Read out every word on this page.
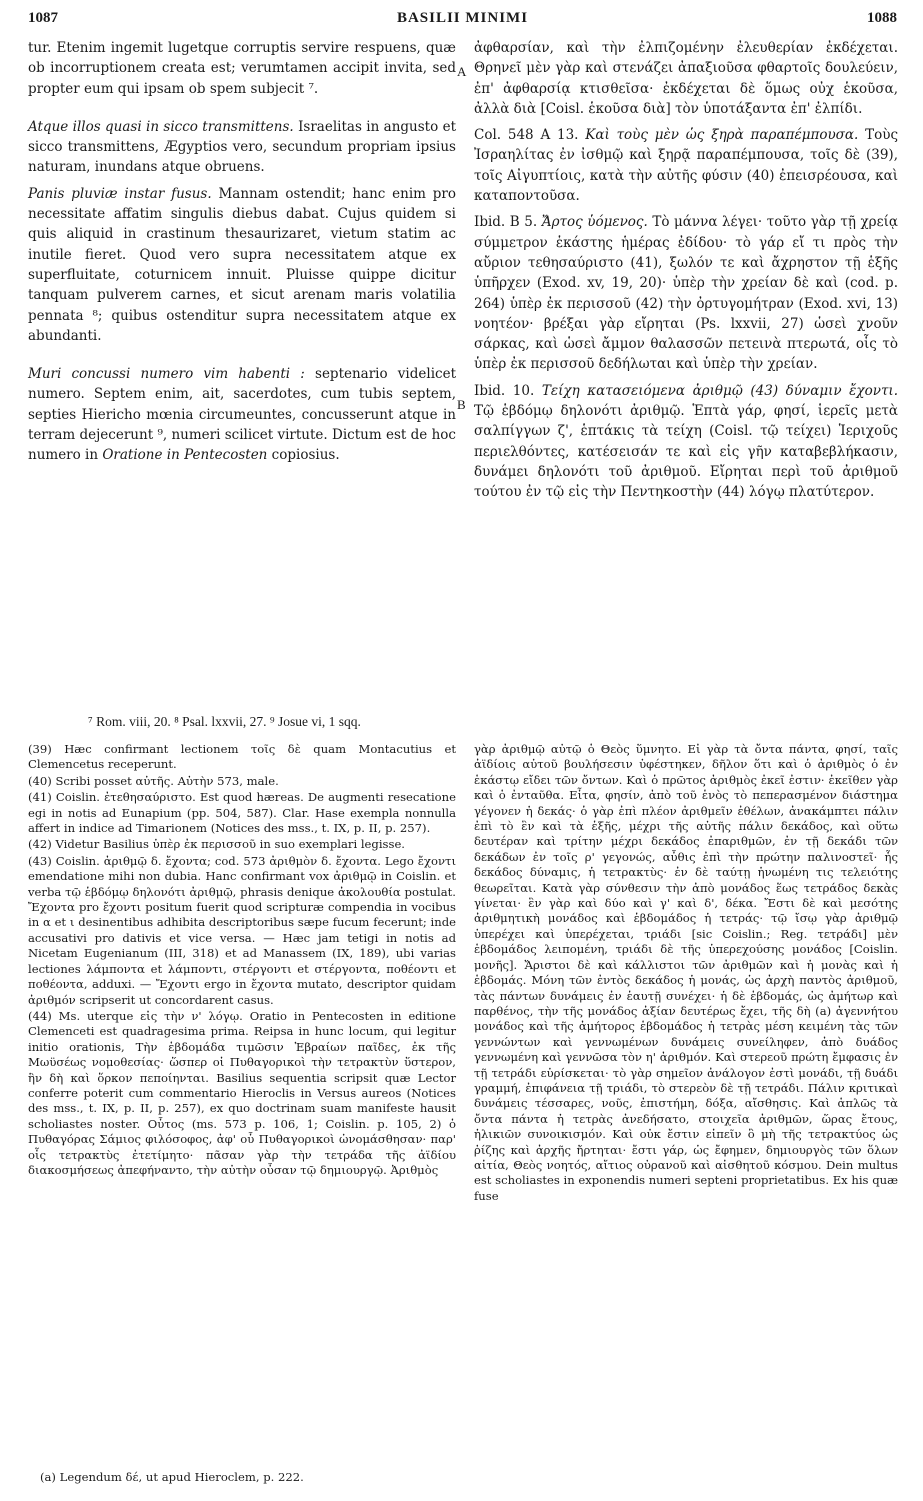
1087	BASILII MINIMI	1088
A
B

tur. Etenim ingemit lugetque corruptis servire respuens, quæ ob incorruptionem creata est; verumtamen accipit invita, sed propter eum qui ipsam ob spem subjecit ⁷.

Atque illos quasi in sicco transmittens. Israelitas in angusto et sicco transmittens, Ægyptios vero, secundum propriam ipsius naturam, inundans atque obruens.

Panis pluviæ instar fusus. Mannam ostendit; hanc enim pro necessitate affatim singulis diebus dabat. Cujus quidem si quis aliquid in crastinum thesaurizaret, vietum statim ac inutile fieret. Quod vero supra necessitatem atque ex superfluitate, coturnicem innuit. Pluisse quippe dicitur tanquam pulverem carnes, et sicut arenam maris volatilia pennata ⁸; quibus ostenditur supra necessitatem atque ex abundanti.

Muri concussi numero vim habenti : septenario videlicet numero. Septem enim, ait, sacerdotes, cum tubis septem, septies Hiericho mœnia circumeuntes, concusserunt atque in terram dejecerunt ⁹, numeri scilicet virtute. Dictum est de hoc numero in Oratione in Pentecosten copiosius.

ἀφθαρσίαν, καὶ τὴν ἐλπιζομένην ἐλευθερίαν ἐκδέχεται. Θρηνεῖ μὲν γὰρ καὶ στενάζει ἀπαξιοῦσα φθαρτοῖς δουλεύειν, ἐπ' ἀφθαρσίᾳ κτισθεῖσα· ἐκδέχεται δὲ ὅμως οὐχ ἑκοῦσα, ἀλλὰ διὰ [Coisl. ἑκοῦσα διὰ] τὸν ὑποτάξαντα ἐπ' ἐλπίδι.

Col. 548 A 13. Καὶ τοὺς μὲν ὡς ξηρὰ παραπέμπουσα. Τοὺς Ἰσραηλίτας ἐν ἰσθμῷ καὶ ξηρᾷ παραπέμπουσα, τοῖς δὲ (39), τοῖς Αἰγυπτίοις, κατὰ τὴν αὐτῆς φύσιν (40) ἐπεισρέουσα, καὶ καταποντοῦσα.

Ibid. B 5. Ἄρτος ὑόμενος. Τὸ μάννα λέγει· τοῦτο γὰρ τῇ χρείᾳ σύμμετρον ἑκάστης ἡμέρας ἐδίδου· τὸ γάρ εἴ τι πρὸς τὴν αὔριον τεθησαύριστο (41), ξωλόν τε καὶ ἄχρηστον τῇ ἑξῆς ὑπῆρχεν (Exod. xv, 19, 20)· ὑπὲρ τὴν χρείαν δὲ καὶ (cod. p. 264) ὑπὲρ ἐκ περισσοῦ (42) τὴν ὀρτυγομήτραν (Exod. xvi, 13) νοητέον· βρέξαι γὰρ εἴρηται (Ps. lxxvii, 27) ὡσεὶ χνοῦν σάρκας, καὶ ὡσεὶ ἄμμον θαλασσῶν πετεινὰ πτερωτά, οἷς τὸ ὑπὲρ ἐκ περισσοῦ δεδήλωται καὶ ὑπὲρ τὴν χρείαν.

Ibid. 10. Τείχη κατασειόμενα ἀριθμῷ (43) δύναμιν ἔχοντι. Τῷ ἑβδόμῳ δηλονότι ἀριθμῷ. Ἑπτὰ γάρ, φησί, ἱερεῖς μετὰ σαλπίγγων ζ', ἑπτάκις τὰ τείχη (Coisl. τῷ τείχει) Ἱεριχοῦς περιελθόντες, κατέσεισάν τε καὶ εἰς γῆν καταβεβλήκασιν, δυνάμει δηλονότι τοῦ ἀριθμοῦ. Εἴρηται περὶ τοῦ ἀριθμοῦ τούτου ἐν τῷ εἰς τὴν Πεντηκοστὴν (44) λόγῳ πλατύτερον.

⁷ Rom. viii, 20. ⁸ Psal. lxxvii, 27. ⁹ Josue vi, 1 sqq.

(39) Hæc confirmant lectionem τοῖς δὲ quam Montacutius et Clemencetus receperunt.

(40) Scribi posset αὐτῆς. Αὐτὴν 573, male.

(41) Coislin. ἐτεθησαύριστο. Est quod hæreas. De augmenti resecatione egi in notis ad Eunapium (pp. 504, 587). Clar. Hase exempla nonnulla affert in indice ad Timarionem (Notices des mss., t. IX, p. II, p. 257).

(42) Videtur Basilius ὑπὲρ ἐκ περισσοῦ in suo exemplari legisse.

(43) Coislin. ἀριθμῷ δ. ἔχοντα; cod. 573 ἀριθμὸν δ. ἔχοντα. Lego ἔχοντι emendatione mihi non dubia. Hanc confirmant vox ἀριθμῷ in Coislin. et verba τῷ ἑβδόμῳ δηλονότι ἀριθμῷ, phrasis denique ἀκολουθία postulat. Ἔχοντα pro ἔχοντι positum fuerit quod scripturæ compendia in vocibus in α et ι desinentibus adhibita descriptoribus sæpe fucum fecerunt; inde accusativi pro dativis et vice versa. — Hæc jam tetigi in notis ad Nicetam Eugenianum (III, 318) et ad Manassem (IX, 189), ubi varias lectiones λάμποντα et λάμποντι, στέργοντι et στέργοντα, ποθέοντι et ποθέοντα, adduxi. — Ἔχοντι ergo in ἔχοντα mutato, descriptor quidam ἀριθμόν scripserit ut concordarent casus.

(44) Ms. uterque εἰς τὴν ν' λόγῳ. Oratio in Pentecosten in editione Clemenceti est quadragesima prima. Reipsa in hunc locum, qui legitur initio orationis, Τὴν ἑβδομάδα τιμῶσιν Ἑβραίων παῖδες, ἐκ τῆς Μωϋσέως νομοθεσίας· ὥσπερ οἱ Πυθαγορικοὶ τὴν τετρακτὺν ὕστερον, ἣν δὴ καὶ ὅρκον πεποίηνται. Basilius sequentia scripsit quæ Lector conferre poterit cum commentario Hieroclis in Versus aureos (Notices des mss., t. IX, p. II, p. 257), ex quo doctrinam suam manifeste hausit scholiastes noster. Οὗτος (ms. 573 p. 106, 1; Coislin. p. 105, 2) ὁ Πυθαγόρας Σάμιος φιλόσοφος, ἀφ' οὗ Πυθαγορικοὶ ὠνομάσθησαν· παρ' οἷς τετρακτὺς ἐτετίμητο· πᾶσαν γὰρ τὴν τετράδα τῆς ἀϊδίου διακοσμήσεως ἀπεφήναντο, τὴν αὐτὴν οὖσαν τῷ δημιουργῷ. Ἀριθμὸς

γὰρ ἀριθμῷ αὐτῷ ὁ Θεὸς ὕμνητο. Εἰ γὰρ τὰ ὄντα πάντα, φησί, ταῖς ἀϊδίοις αὐτοῦ βουλήσεσιν ὑφέστηκεν, δῆλον ὅτι καὶ ὁ ἀριθμὸς ὁ ἐν ἑκάστῳ εἴδει τῶν ὄντων. Καὶ ὁ πρῶτος ἀριθμὸς ἐκεῖ ἐστιν· ἐκεῖθεν γὰρ καὶ ὁ ἐνταῦθα. Εἶτα, φησίν, ἀπὸ τοῦ ἑνὸς τὸ πεπερασμένον διάστημα γέγονεν ἡ δεκάς· ὁ γὰρ ἐπὶ πλέον ἀριθμεῖν ἐθέλων, ἀνακάμπτει πάλιν ἐπὶ τὸ ἓν καὶ τὰ ἑξῆς, μέχρι τῆς αὐτῆς πάλιν δεκάδος, καὶ οὕτω δευτέραν καὶ τρίτην μέχρι δεκάδος ἐπαριθμῶν, ἐν τῇ δεκάδι τῶν δεκάδων ἐν τοῖς ρ' γεγονώς, αὖθις ἐπὶ τὴν πρώτην παλινοστεῖ· ἧς δεκάδος δύναμις, ἡ τετρακτὺς· ἐν δὲ ταύτῃ ἡνωμένη τις τελειότης θεωρεῖται. Κατὰ γὰρ σύνθεσιν τὴν ἀπὸ μονάδος ἕως τετράδος δεκὰς γίνεται· ἓν γὰρ καὶ δύο καὶ γ' καὶ δ', δέκα. Ἔστι δὲ καὶ μεσότης ἀριθμητικὴ μονάδος καὶ ἑβδομάδος ἡ τετράς· τῷ ἴσῳ γὰρ ἀριθμῷ ὑπερέχει καὶ ὑπερέχεται, τριάδι [sic Coislin.; Reg. τετράδι] μὲν ἑβδομάδος λειπομένη, τριάδι δὲ τῆς ὑπερεχούσης μονάδος [Coislin. μονῆς]. Ἄριστοι δὲ καὶ κάλλιστοι τῶν ἀριθμῶν καὶ ἡ μονὰς καὶ ἡ ἑβδομάς. Μόνη τῶν ἐντὸς δεκάδος ἡ μονάς, ὡς ἀρχὴ παντὸς ἀριθμοῦ, τὰς πάντων δυνάμεις ἐν ἑαυτῇ συνέχει· ἡ δὲ ἑβδομάς, ὡς ἀμήτωρ καὶ παρθένος, τὴν τῆς μονάδος ἀξίαν δευτέρως ἔχει, τῆς δὴ (a) ἀγεννήτου μονάδος καὶ τῆς ἀμήτορος ἑβδομάδος ἡ τετρὰς μέση κειμένη τὰς τῶν γεννώντων καὶ γεννωμένων δυνάμεις συνείληφεν, ἀπὸ δυάδος γεννωμένη καὶ γεννῶσα τὸν η' ἀριθμόν. Καὶ στερεοῦ πρώτη ἔμφασις ἐν τῇ τετράδι εὑρίσκεται· τὸ γὰρ σημεῖον ἀνάλογον ἐστὶ μονάδι, τῇ δυάδι γραμμή, ἐπιφάνεια τῇ τριάδι, τὸ στερεὸν δὲ τῇ τετράδι. Πάλιν κριτικαὶ δυνάμεις τέσσαρες, νοῦς, ἐπιστήμη, δόξα, αἴσθησις. Καὶ ἁπλῶς τὰ ὄντα πάντα ἡ τετρὰς ἀνεδήσατο, στοιχεῖα ἀριθμῶν, ὥρας ἔτους, ἡλικιῶν συνοικισμόν. Καὶ οὐκ ἔστιν εἰπεῖν ὃ μὴ τῆς τετρακτύος ὡς ῥίζης καὶ ἀρχῆς ἤρτηται· ἔστι γάρ, ὡς ἔφημεν, δημιουργὸς τῶν ὅλων αἰτία, Θεὸς νοητός, αἴτιος οὐρανοῦ καὶ αἰσθητοῦ κόσμου. Dein multus est scholiastes in exponendis numeri septeni proprietatibus. Ex his quæ fuse

(a) Legendum δέ, ut apud Hieroclem, p. 222.
